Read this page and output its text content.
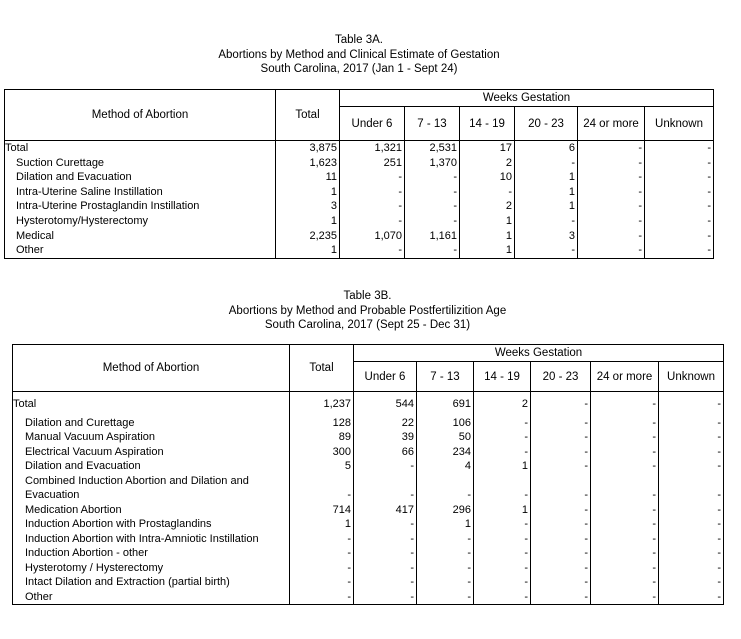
Table 3A.
Abortions by Method and Clinical Estimate of Gestation
South Carolina, 2017 (Jan 1 - Sept 24)
Method of Abortion	Total	Weeks Gestation					
		Under 6	7 - 13	14 - 19	20 - 23	24 or more	Unknown
Total	3,875	1,321	2,531	17	6	-	-
Suction Curettage	1,623	251	1,370	2	-	-	-
Dilation and Evacuation	11	-	-	10	1	-	-
Intra-Uterine Saline Instillation	1	-	-	-	1	-	-
Intra-Uterine Prostaglandin Instillation	3	-	-	2	1	-	-
Hysterotomy/Hysterectomy	1	-	-	1	-	-	-
Medical	2,235	1,070	1,161	1	3	-	-
Other	1	-	-	1	-	-	-
Table 3B.
Abortions by Method and Probable Postfertilizition Age
South Carolina, 2017 (Sept 25 - Dec 31)
Method of Abortion	Total	Weeks Gestation					
		Under 6	7 - 13	14 - 19	20 - 23	24 or more	Unknown
Total	1,237	544	691	2	-	-	-

Dilation and Curettage	128	22	106	-	-	-	-
Manual Vacuum Aspiration	89	39	50	-	-	-	-
Electrical Vacuum Aspiration	300	66	234	-	-	-	-
Dilation and Evacuation	5	-	4	1	-	-	-
Combined Induction Abortion and Dilation and Evacuation	-	-	-	-	-	-	-
Medication Abortion	714	417	296	1	-	-	-
Induction Abortion with Prostaglandins	1	-	1	-	-	-	-
Induction Abortion with Intra-Amniotic Instillation	-	-	-	-	-	-	-
Induction Abortion - other	-	-	-	-	-	-	-
Hysterotomy / Hysterectomy	-	-	-	-	-	-	-
Intact Dilation and Extraction (partial birth)	-	-	-	-	-	-	-
Other	-	-	-	-	-	-	-
